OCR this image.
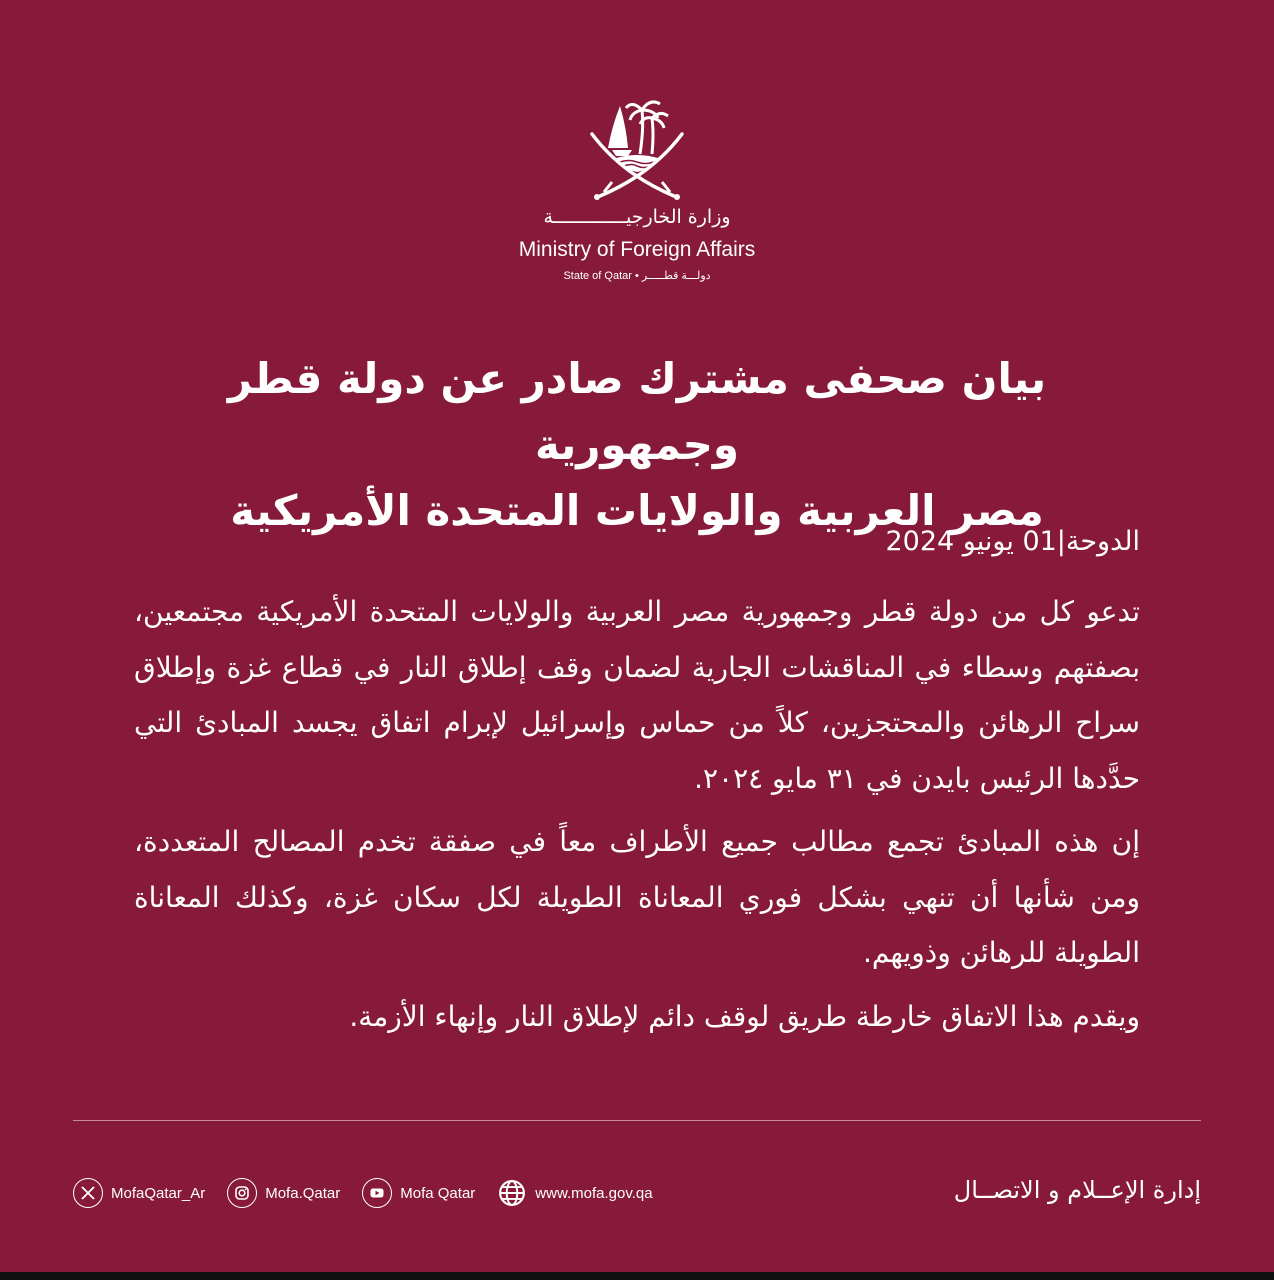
وزارة الخارجيـــــــــــــة
Ministry of Foreign Affairs
State of Qatar • دولـــة قطـــــر
بيان صحفى مشترك صادر عن دولة قطر وجمهورية
مصر العربية والولايات المتحدة الأمريكية
الدوحة|01 يونيو 2024

تدعو كل من دولة قطر وجمهورية مصر العربية والولايات المتحدة الأمريكية مجتمعين، بصفتهم وسطاء في المناقشات الجارية لضمان وقف إطلاق النار في قطاع غزة وإطلاق سراح الرهائن والمحتجزين، كلاً من حماس وإسرائيل لإبرام اتفاق يجسد المبادئ التي حدَّدها الرئيس بايدن في ٣١ مايو ٢٠٢٤.

إن هذه المبادئ تجمع مطالب جميع الأطراف معاً في صفقة تخدم المصالح المتعددة، ومن شأنها أن تنهي بشكل فوري المعاناة الطويلة لكل سكان غزة، وكذلك المعاناة الطويلة للرهائن وذويهم.

ويقدم هذا الاتفاق خارطة طريق لوقف دائم لإطلاق النار وإنهاء الأزمة.

MofaQatar_Ar	Mofa.Qatar	Mofa Qatar	www.mofa.gov.qa	إدارة الإعــلام و الاتصــال
